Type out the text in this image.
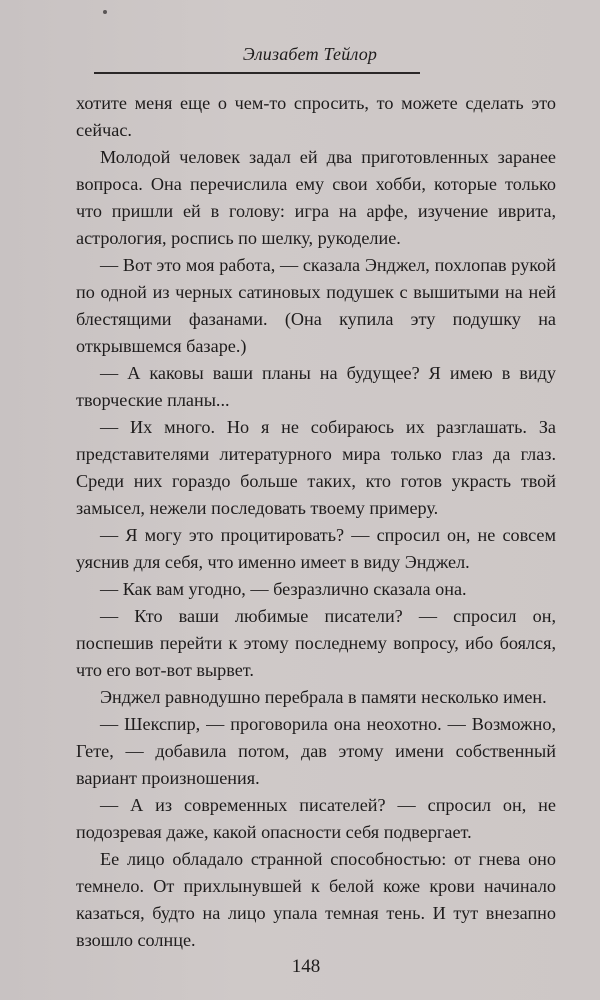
Элизабет Тейлор

хотите меня еще о чем-то спросить, то можете сделать это сейчас.

Молодой человек задал ей два приготовленных заранее вопроса. Она перечислила ему свои хобби, которые только что пришли ей в голову: игра на арфе, изучение иврита, астрология, роспись по шелку, рукоделие.

— Вот это моя работа, — сказала Энджел, похлопав рукой по одной из черных сатиновых подушек с вышитыми на ней блестящими фазанами. (Она купила эту подушку на открывшемся базаре.)

— А каковы ваши планы на будущее? Я имею в виду творческие планы...

— Их много. Но я не собираюсь их разглашать. За представителями литературного мира только глаз да глаз. Среди них гораздо больше таких, кто готов украсть твой замысел, нежели последовать твоему примеру.

— Я могу это процитировать? — спросил он, не совсем уяснив для себя, что именно имеет в виду Энджел.

— Как вам угодно, — безразлично сказала она.

— Кто ваши любимые писатели? — спросил он, поспешив перейти к этому последнему вопросу, ибо боялся, что его вот-вот вырвет.

Энджел равнодушно перебрала в памяти несколько имен.

— Шекспир, — проговорила она неохотно. — Возможно, Гете, — добавила потом, дав этому имени собственный вариант произношения.

— А из современных писателей? — спросил он, не подозревая даже, какой опасности себя подвергает.

Ее лицо обладало странной способностью: от гнева оно темнело. От прихлынувшей к белой коже крови начинало казаться, будто на лицо упала темная тень. И тут внезапно взошло солнце.

148
